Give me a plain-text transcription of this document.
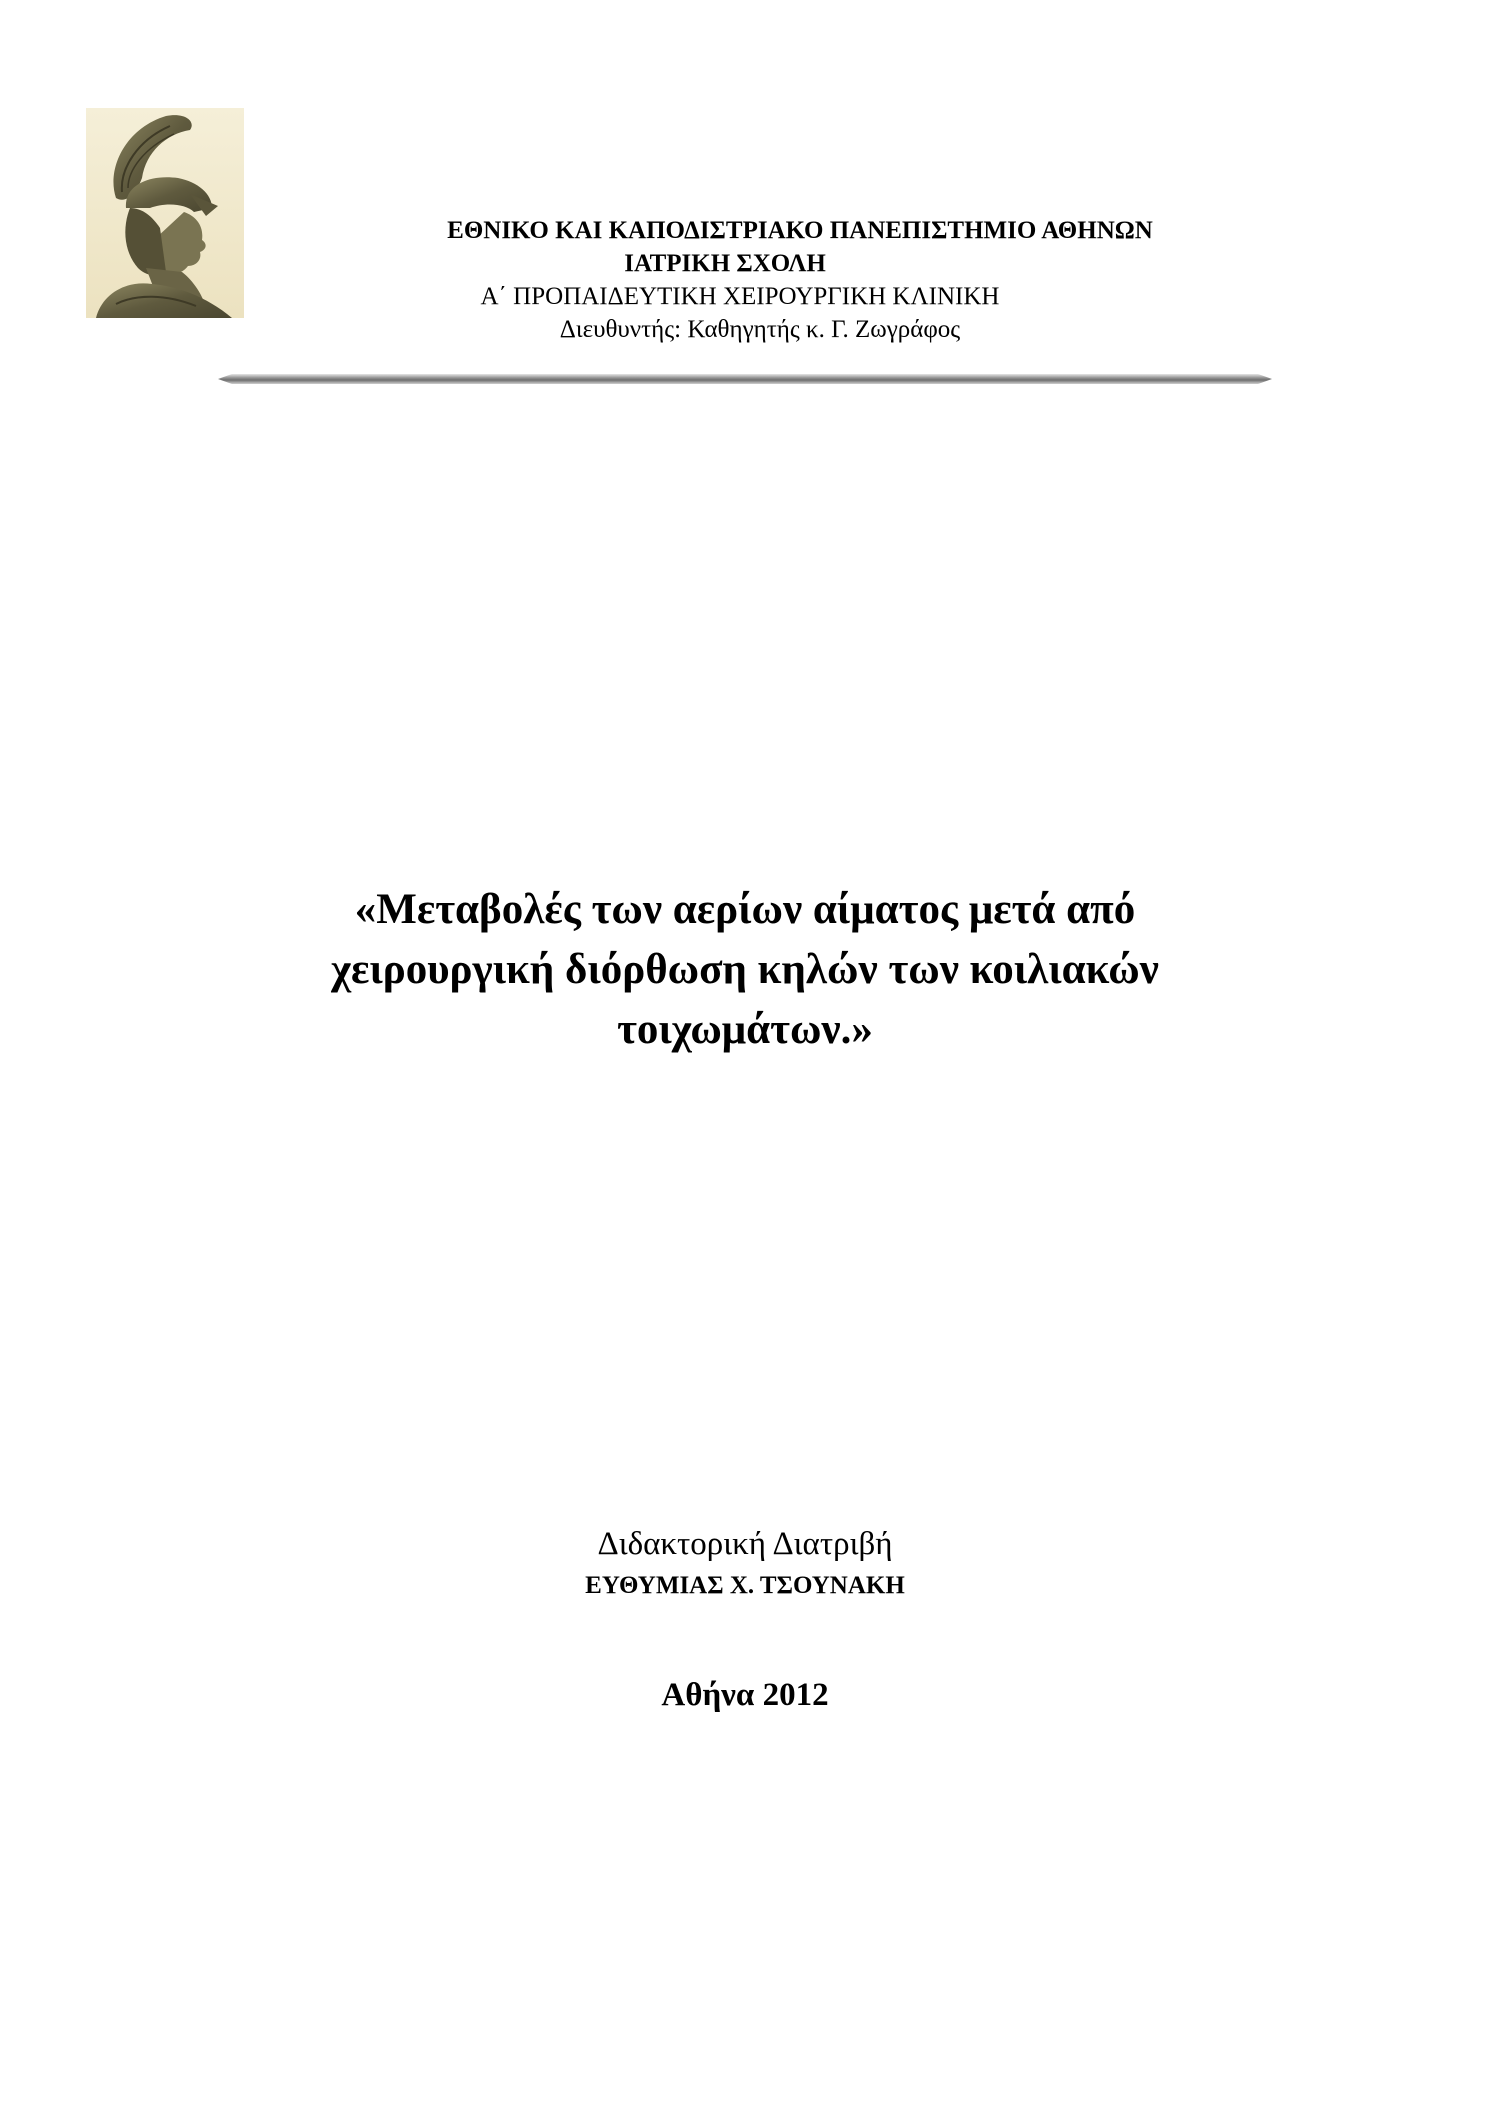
ΕΘΝΙΚΟ ΚΑΙ ΚΑΠΟΔΙΣΤΡΙΑΚΟ ΠΑΝΕΠΙΣΤΗΜΙΟ ΑΘΗΝΩΝ
ΙΑΤΡΙΚΗ ΣΧΟΛΗ
Α΄ ΠΡΟΠΑΙΔΕΥΤΙΚΗ ΧΕΙΡΟΥΡΓΙΚΗ ΚΛΙΝΙΚΗ
Διευθυντής: Καθηγητής κ. Γ. Ζωγράφος
«Μεταβολές των αερίων αίματος μετά από
χειρουργική διόρθωση κηλών των κοιλιακών
τοιχωμάτων.»
Διδακτορική Διατριβή
ΕΥΘΥΜΙΑΣ Χ. ΤΣΟΥΝΑΚΗ
Αθήνα 2012
